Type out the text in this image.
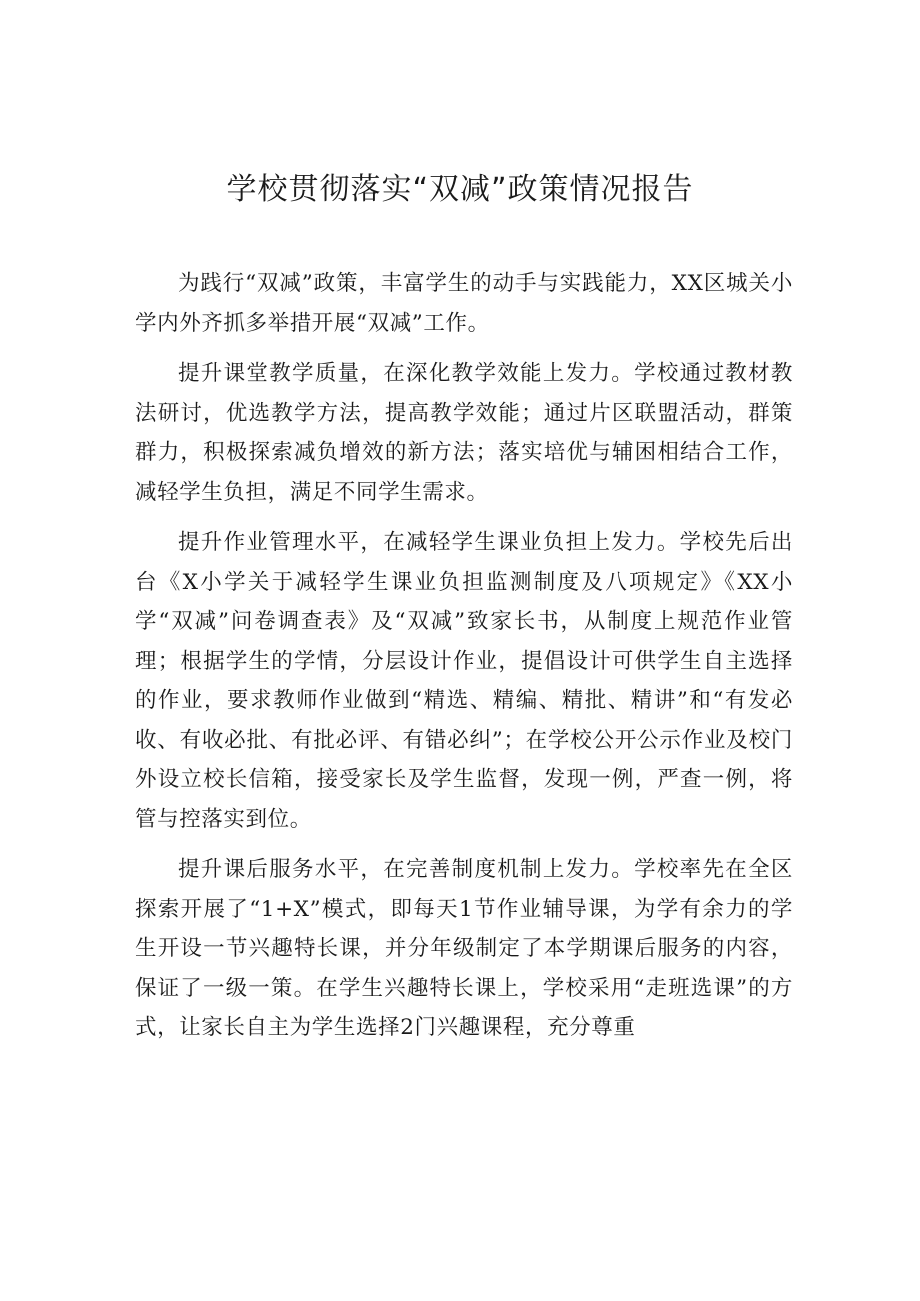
学校贯彻落实“双减”政策情况报告

为践行“双减”政策，丰富学生的动手与实践能力，XX区城关小学内外齐抓多举措开展“双减”工作。

提升课堂教学质量，在深化教学效能上发力。学校通过教材教法研讨，优选教学方法，提高教学效能；通过片区联盟活动，群策群力，积极探索减负增效的新方法；落实培优与辅困相结合工作，减轻学生负担，满足不同学生需求。

提升作业管理水平，在减轻学生课业负担上发力。学校先后出台《X小学关于减轻学生课业负担监测制度及八项规定》《XX小学“双减”问卷调查表》及“双减”致家长书，从制度上规范作业管理；根据学生的学情，分层设计作业，提倡设计可供学生自主选择的作业，要求教师作业做到“精选、精编、精批、精讲”和“有发必收、有收必批、有批必评、有错必纠”；在学校公开公示作业及校门外设立校长信箱，接受家长及学生监督，发现一例，严查一例，将管与控落实到位。

提升课后服务水平，在完善制度机制上发力。学校率先在全区探索开展了“1+X”模式，即每天1节作业辅导课，为学有余力的学生开设一节兴趣特长课，并分年级制定了本学期课后服务的内容，保证了一级一策。在学生兴趣特长课上，学校采用“走班选课”的方式，让家长自主为学生选择2门兴趣课程，充分尊重
